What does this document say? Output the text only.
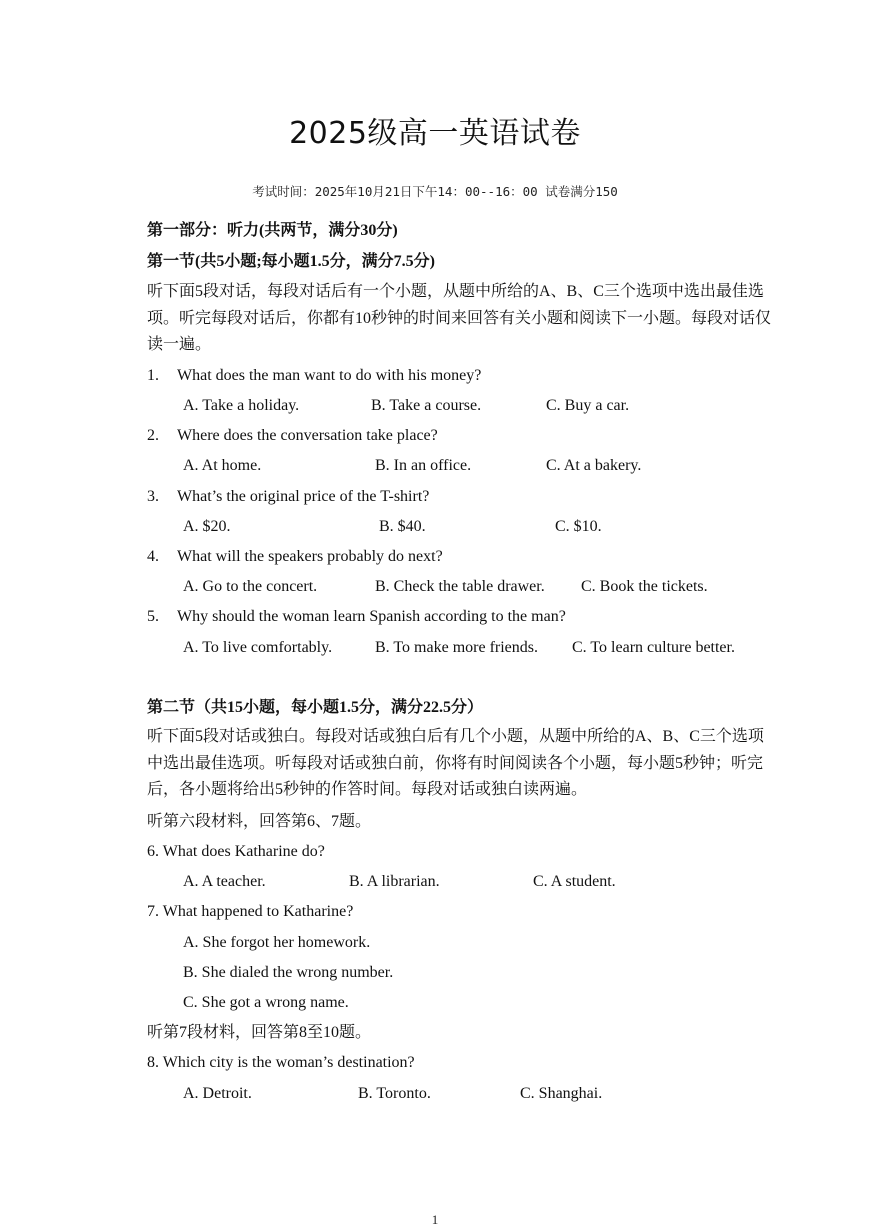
2025级高一英语试卷
考试时间：2025年10月21日下午14：00--16：00 试卷满分150
第一部分：听力(共两节，满分30分)
第一节(共5小题;每小题1.5分，满分7.5分)
听下面5段对话，每段对话后有一个小题，从题中所给的A、B、C三个选项中选出最佳选项。听完每段对话后，你都有10秒钟的时间来回答有关小题和阅读下一小题。每段对话仅读一遍。
1. What does the man want to do with his money?
A. Take a holiday.	B. Take a course.	C. Buy a car.
2. Where does the conversation take place?
A. At home.	B. In an office.	C. At a bakery.
3. What’s the original price of the T-shirt?
A. $20.	B. $40.	C. $10.
4. What will the speakers probably do next?
A. Go to the concert.	B. Check the table drawer. C. Book the tickets.
5. Why should the woman learn Spanish according to the man?
A. To live comfortably.	B. To make more friends. C. To learn culture better.
第二节（共15小题，每小题1.5分，满分22.5分）
听下面5段对话或独白。每段对话或独白后有几个小题，从题中所给的A、B、C三个选项中选出最佳选项。听每段对话或独白前，你将有时间阅读各个小题，每小题5秒钟；听完后，各小题将给出5秒钟的作答时间。每段对话或独白读两遍。
听第六段材料，回答第6、7题。
6. What does Katharine do?
A. A teacher.	B. A librarian.	C. A student.
7. What happened to Katharine?
A. She forgot her homework.
B. She dialed the wrong number.
C. She got a wrong name.
听第7段材料，回答第8至10题。
8. Which city is the woman’s destination?
A. Detroit.	B. Toronto.	C. Shanghai.
1
